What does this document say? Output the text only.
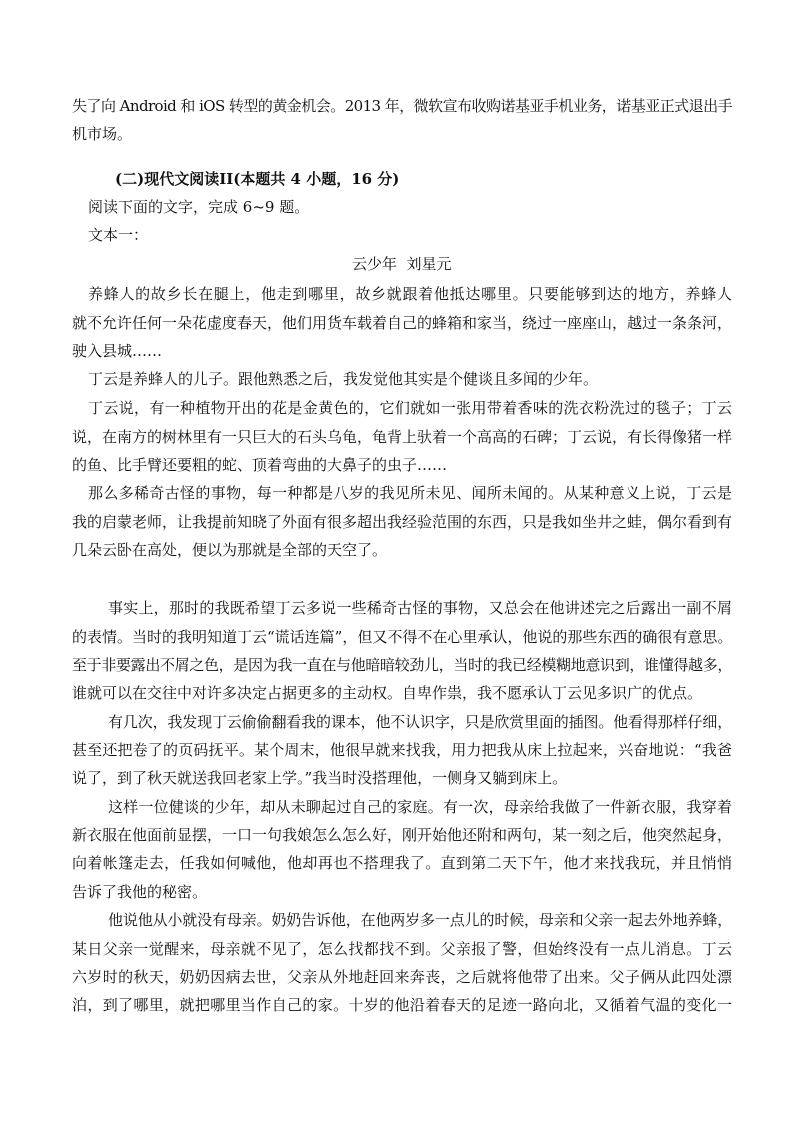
失了向 Android 和 iOS 转型的黄金机会。2013 年，微软宣布收购诺基亚手机业务，诺基亚正式退出手
机市场。
(二)现代文阅读II(本题共 4 小题，16 分)
阅读下面的文字，完成 6~9 题。
文本一：
云少年  刘星元
养蜂人的故乡长在腿上，他走到哪里，故乡就跟着他抵达哪里。只要能够到达的地方，养蜂人
就不允许任何一朵花虚度春天，他们用货车载着自己的蜂箱和家当，绕过一座座山，越过一条条河，
驶入县城……
丁云是养蜂人的儿子。跟他熟悉之后，我发觉他其实是个健谈且多闻的少年。
丁云说，有一种植物开出的花是金黄色的，它们就如一张用带着香味的洗衣粉洗过的毯子；丁云
说，在南方的树林里有一只巨大的石头乌龟，龟背上驮着一个高高的石碑；丁云说，有长得像猪一样
的鱼、比手臂还要粗的蛇、顶着弯曲的大鼻子的虫子……
那么多稀奇古怪的事物，每一种都是八岁的我见所未见、闻所未闻的。从某种意义上说，丁云是
我的启蒙老师，让我提前知晓了外面有很多超出我经验范围的东西，只是我如坐井之蛙，偶尔看到有
几朵云卧在高处，便以为那就是全部的天空了。
事实上，那时的我既希望丁云多说一些稀奇古怪的事物，又总会在他讲述完之后露出一副不屑
的表情。当时的我明知道丁云“谎话连篇”，但又不得不在心里承认，他说的那些东西的确很有意思。
至于非要露出不屑之色，是因为我一直在与他暗暗较劲儿，当时的我已经模糊地意识到，谁懂得越多，
谁就可以在交往中对许多决定占据更多的主动权。自卑作祟，我不愿承认丁云见多识广的优点。
有几次，我发现丁云偷偷翻看我的课本，他不认识字，只是欣赏里面的插图。他看得那样仔细，
甚至还把卷了的页码抚平。某个周末，他很早就来找我，用力把我从床上拉起来，兴奋地说：“我爸
说了，到了秋天就送我回老家上学。”我当时没搭理他，一侧身又躺到床上。
这样一位健谈的少年，却从未聊起过自己的家庭。有一次，母亲给我做了一件新衣服，我穿着
新衣服在他面前显摆，一口一句我娘怎么怎么好，刚开始他还附和两句，某一刻之后，他突然起身，
向着帐篷走去，任我如何喊他，他却再也不搭理我了。直到第二天下午，他才来找我玩，并且悄悄
告诉了我他的秘密。
他说他从小就没有母亲。奶奶告诉他，在他两岁多一点儿的时候，母亲和父亲一起去外地养蜂，
某日父亲一觉醒来，母亲就不见了，怎么找都找不到。父亲报了警，但始终没有一点儿消息。丁云
六岁时的秋天，奶奶因病去世，父亲从外地赶回来奔丧，之后就将他带了出来。父子俩从此四处漂
泊，到了哪里，就把哪里当作自己的家。十岁的他沿着春天的足迹一路向北，又循着气温的变化一
